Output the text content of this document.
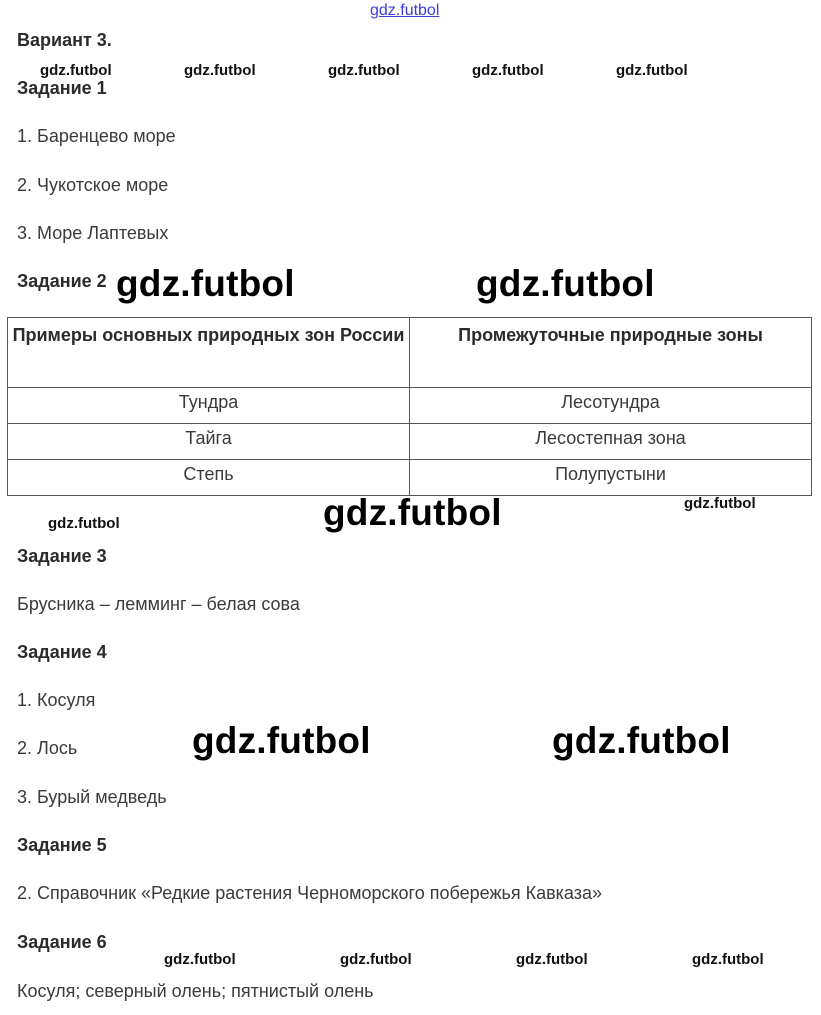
gdz.futbol
Вариант 3.
gdz.futbol	gdz.futbol	gdz.futbol	gdz.futbol	gdz.futbol
Задание 1
1. Баренцево море
2. Чукотское море
3. Море Лаптевых
Задание 2 gdz.futbol	gdz.futbol
Примеры основных природных зон России	Промежуточные природные зоны
Тундра	Лесотундра
Тайга	Лесостепная зона
Степь	Полупустыни
gdz.futbol	gdz.futbol	gdz.futbol
Задание 3
Брусника – лемминг – белая сова
Задание 4
1. Косуля
2. Лось	gdz.futbol	gdz.futbol
3. Бурый медведь
Задание 5
2. Справочник «Редкие растения Черноморского побережья Кавказа»
Задание 6
gdz.futbol	gdz.futbol	gdz.futbol	gdz.futbol
Косуля; северный олень; пятнистый олень
